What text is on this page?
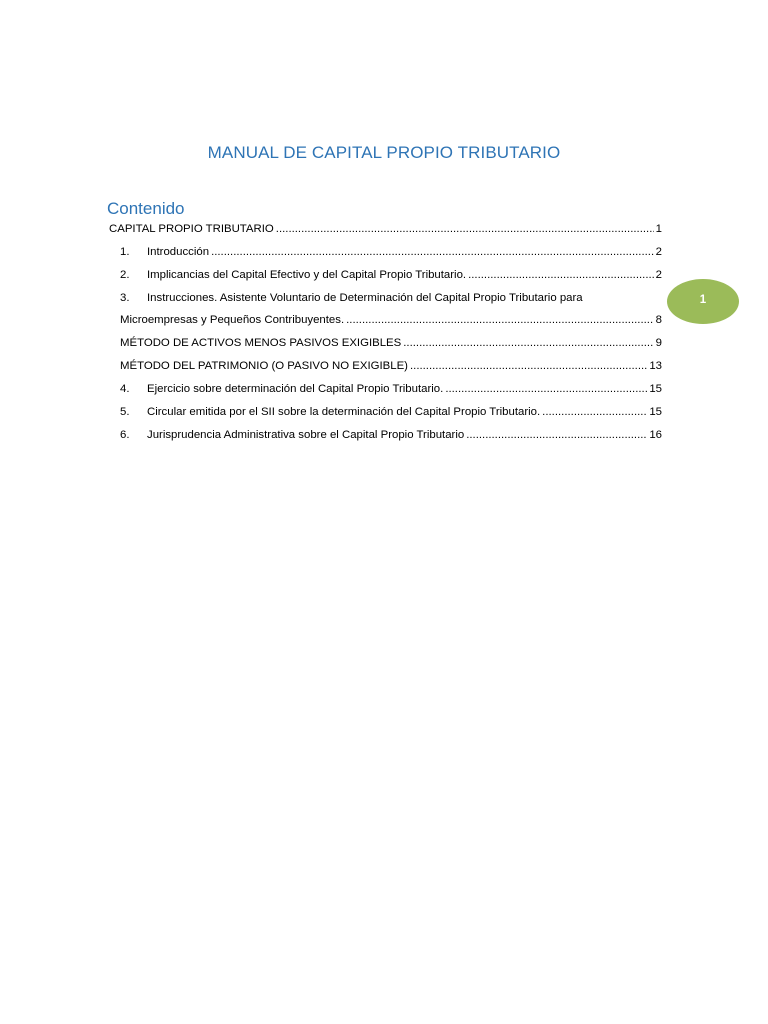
MANUAL DE CAPITAL PROPIO TRIBUTARIO
Contenido
CAPITAL PROPIO TRIBUTARIO .....	1
1.	Introducción .....	2
2.	Implicancias del Capital Efectivo y del Capital Propio Tributario. .....	2
3. Instrucciones. Asistente Voluntario de Determinación del Capital Propio Tributario para
Microempresas y Pequeños Contribuyentes. .....	8
MÉTODO DE ACTIVOS MENOS PASIVOS EXIGIBLES .....	9
MÉTODO DEL PATRIMONIO (O PASIVO NO EXIGIBLE) .....	13
4.	Ejercicio sobre determinación del Capital Propio Tributario. .....	15
5.	Circular emitida por el SII sobre la determinación del Capital Propio Tributario. .....	15
6.	Jurisprudencia Administrativa sobre el Capital Propio Tributario .....	16
1
